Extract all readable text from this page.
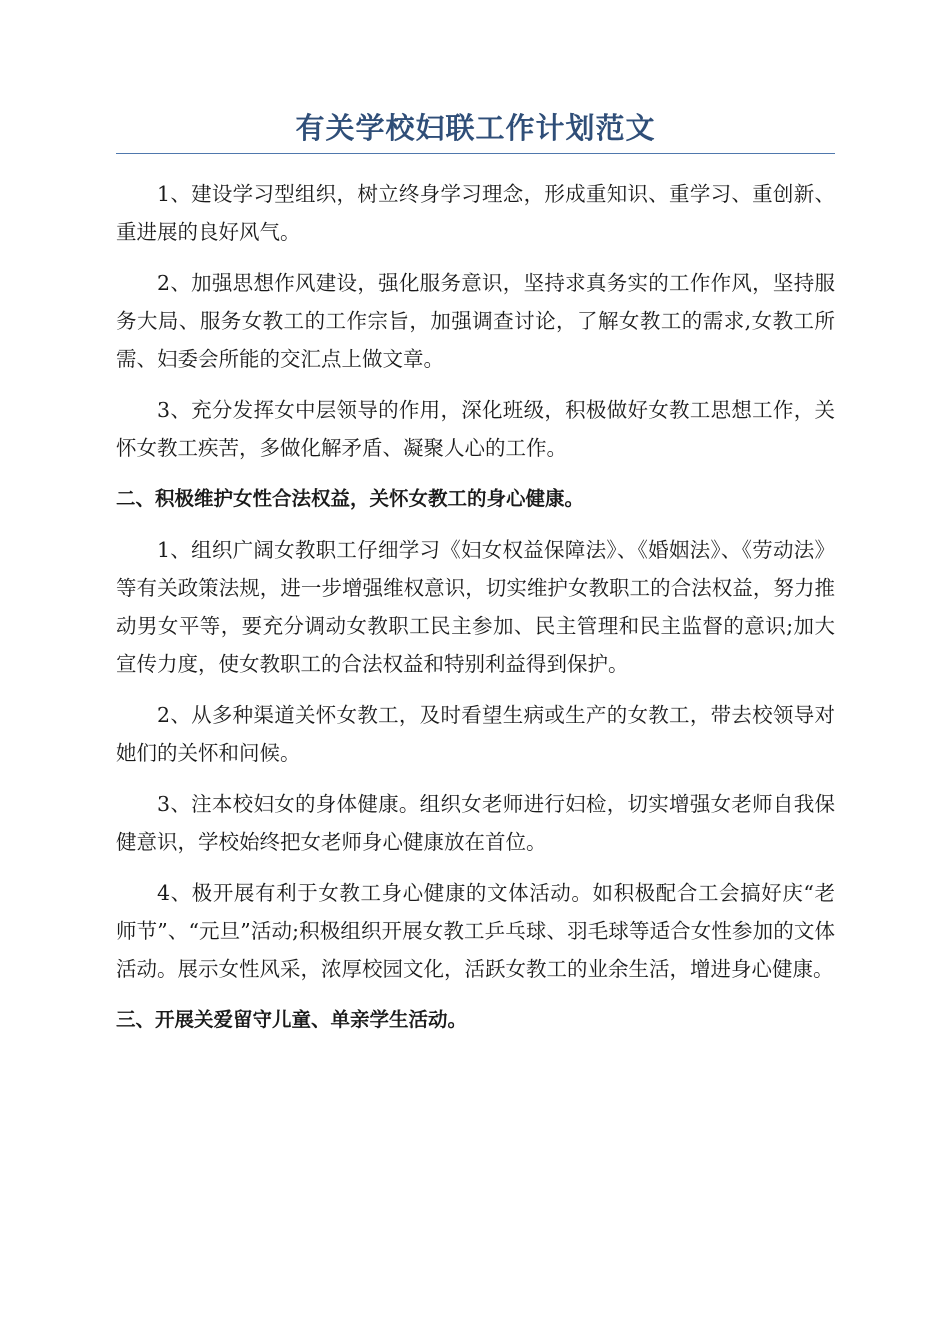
有关学校妇联工作计划范文

1、建设学习型组织，树立终身学习理念，形成重知识、重学习、重创新、重进展的良好风气。

2、加强思想作风建设，强化服务意识，坚持求真务实的工作作风，坚持服务大局、服务女教工的工作宗旨，加强调查讨论，了解女教工的需求,女教工所需、妇委会所能的交汇点上做文章。

3、充分发挥女中层领导的作用，深化班级，积极做好女教工思想工作，关怀女教工疾苦，多做化解矛盾、凝聚人心的工作。

二、积极维护女性合法权益，关怀女教工的身心健康。

1、组织广阔女教职工仔细学习《妇女权益保障法》、《婚姻法》、《劳动法》等有关政策法规，进一步增强维权意识，切实维护女教职工的合法权益，努力推动男女平等，要充分调动女教职工民主参加、民主管理和民主监督的意识;加大宣传力度，使女教职工的合法权益和特别利益得到保护。

2、从多种渠道关怀女教工，及时看望生病或生产的女教工，带去校领导对她们的关怀和问候。

3、注本校妇女的身体健康。组织女老师进行妇检，切实增强女老师自我保健意识，学校始终把女老师身心健康放在首位。

4、极开展有利于女教工身心健康的文体活动。如积极配合工会搞好庆“老师节”、“元旦”活动;积极组织开展女教工乒乓球、羽毛球等适合女性参加的文体活动。展示女性风采，浓厚校园文化，活跃女教工的业余生活，增进身心健康。

三、开展关爱留守儿童、单亲学生活动。
